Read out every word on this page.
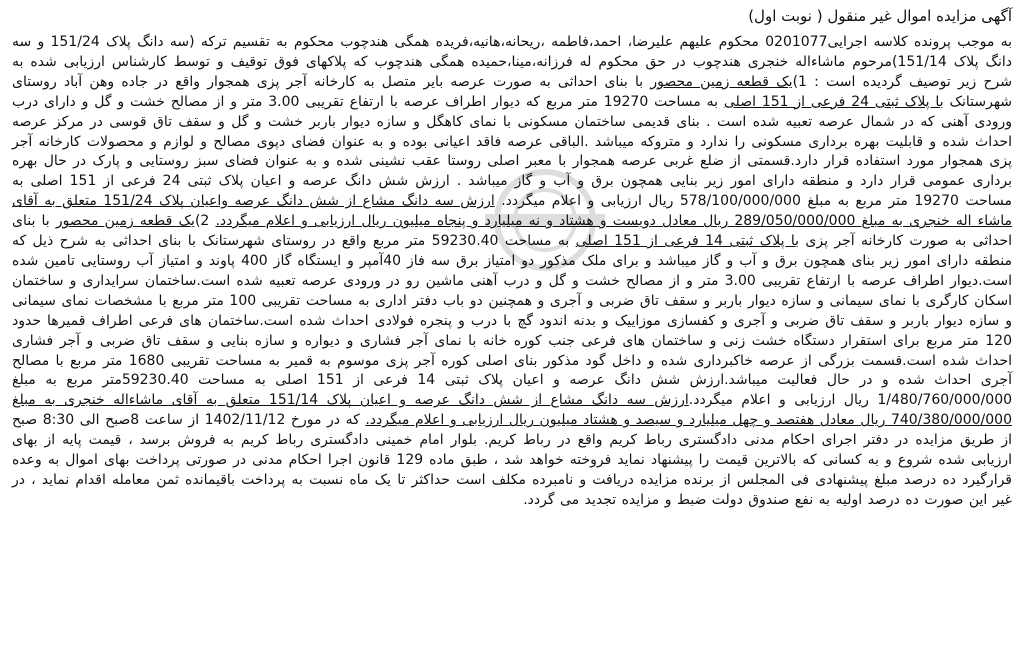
آگهی مزایده اموال غیر منقول ( نوبت اول)

به موجب پرونده کلاسه اجرایی0201077 محکوم علیهم علیرضا، احمد،فاطمه ،ریحانه،هانیه،فریده همگی هندچوب محکوم به تقسیم ترکه (سه دانگ پلاک 151/24 و سه دانگ پلاک 151/14)مرحوم ماشاءاله خنجری هندچوب در حق محکوم له فرزانه،مینا،حمیده همگی هندچوب که پلاکهای فوق توقیف و توسط کارشناس ارزیابی شده به شرح زیر توصیف گردیده است : 1)یک قطعه زمین محصور با بنای احداثی به صورت عرصه بایر متصل به کارخانه آجر پزی همجوار واقع در جاده وهن آباد روستای شهرستانک با پلاک ثبتی 24 فرعی از 151 اصلی به مساحت 19270 متر مربع که دیوار اطراف عرصه با ارتفاع تقریبی 3.00 متر و از مصالح خشت و گل و دارای درب ورودی آهنی که در شمال عرصه تعبیه شده است . بنای قدیمی ساختمان مسکونی با نمای کاهگل و سازه دیوار باربر خشت و گل و سقف تاق قوسی در مرکز عرصه احداث شده و قابلیت بهره برداری مسکونی را ندارد و متروکه میباشد .الباقی عرصه فاقد اعیانی بوده و به عنوان فضای دپوی مصالح و لوازم و محصولات کارخانه آجر پزی همجوار مورد استفاده قرار دارد.قسمتی از ضلع غربی عرصه همجوار با معبر اصلی روستا عقب نشینی شده و به عنوان فضای سبز روستایی و پارک در حال بهره برداری عمومی قرار دارد و منطقه دارای امور زیر بنایی همچون برق و آب و گاز میباشد . ارزش شش دانگ عرصه و اعیان پلاک ثبتی 24 فرعی از 151 اصلی به مساحت 19270 متر مربع به مبلغ 578/100/000/000 ریال ارزیابی و اعلام میگردد. ارزش سه دانگ مشاع از شش دانگ عرصه واعیان پلاک 151/24 متعلق به آقای ماشاء اله خنجری به مبلغ 289/050/000/000 ریال معادل دویست و هشتاد و نه میلیارد و پنجاه میلیون ریال ارزیابی و اعلام میگردد. 2)یک قطعه زمین محصور با بنای احداثی به صورت کارخانه آجر پزی با پلاک ثبتی 14 فرعی از 151 اصلی به مساحت 59230.40 متر مربع واقع در روستای شهرستانک با بنای احداثی به شرح ذیل که منطقه دارای امور زیر بنای همچون برق و آب و گاز میباشد و برای ملک مذکور دو امتیاز برق سه فاز 40آمپر و ایستگاه گاز 400 پاوند و امتیاز آب روستایی تامین شده است.دیوار اطراف عرصه با ارتفاع تقریبی 3.00 متر و از مصالح خشت و گل و درب آهنی ماشین رو در ورودی عرصه تعبیه شده است.ساختمان سرایداری و ساختمان اسکان کارگری با نمای سیمانی و سازه دیوار باربر و سقف تاق ضربی و آجری و همچنین دو باب دفتر اداری به مساحت تقریبی 100 متر مربع با مشخصات نمای سیمانی و سازه دیوار باربر و سقف تاق ضربی و آجری و کفسازی موزاییک و بدنه اندود گچ با درب و پنجره فولادی احداث شده است.ساختمان های فرعی اطراف قمیرها حدود 120 متر مربع برای استقرار دستگاه خشت زنی و ساختمان های فرعی جنب کوره خانه با نمای آجر فشاری و دیواره و سازه بنایی و سقف تاق ضربی و آجر فشاری احداث شده است.قسمت بزرگی از عرصه خاکبرداری شده و داخل گود مذکور بنای اصلی کوره آجر پزی موسوم به قمیر به مساحت تقریبی 1680 متر مربع با مصالح آجری احداث شده و در حال فعالیت میباشد.ارزش شش دانگ عرصه و اعیان پلاک ثبتی 14 فرعی از 151 اصلی به مساحت 59230.40متر مربع به مبلغ 1/480/760/000/000 ریال ارزیابی و اعلام میگردد.ارزش سه دانگ مشاع از شش دانگ عرصه و اعیان پلاک 151/14 متعلق به آقای ماشاءاله خنجری به مبلغ 740/380/000/000 ریال معادل هفتصد و چهل میلیارد و سیصد و هشتاد میلیون ریال ارزیابی و اعلام میگردد. که در مورخ 1402/11/12 از ساعت 8صبح الی 8:30 صبح از طریق مزایده در دفتر اجرای احکام مدنی دادگستری رباط کریم واقع در رباط کریم. بلوار امام خمینی دادگستری رباط کریم به فروش برسد ، قیمت پایه از بهای ارزیابی شده شروع و به کسانی که بالاترین قیمت را پیشنهاد نماید فروخته خواهد شد ، طبق ماده 129 قانون اجرا احکام مدنی در صورتی پرداخت بهای اموال به وعده قرارگیرد ده درصد مبلغ پیشنهادی فی المجلس از برنده مزایده دریافت و نامبرده مکلف است حداکثر تا یک ماه نسبت به پرداخت باقیمانده ثمن معامله اقدام نماید ، در غیر این صورت ده درصد اولیه به نفع صندوق دولت ضبط و مزایده تجدید می گردد.
